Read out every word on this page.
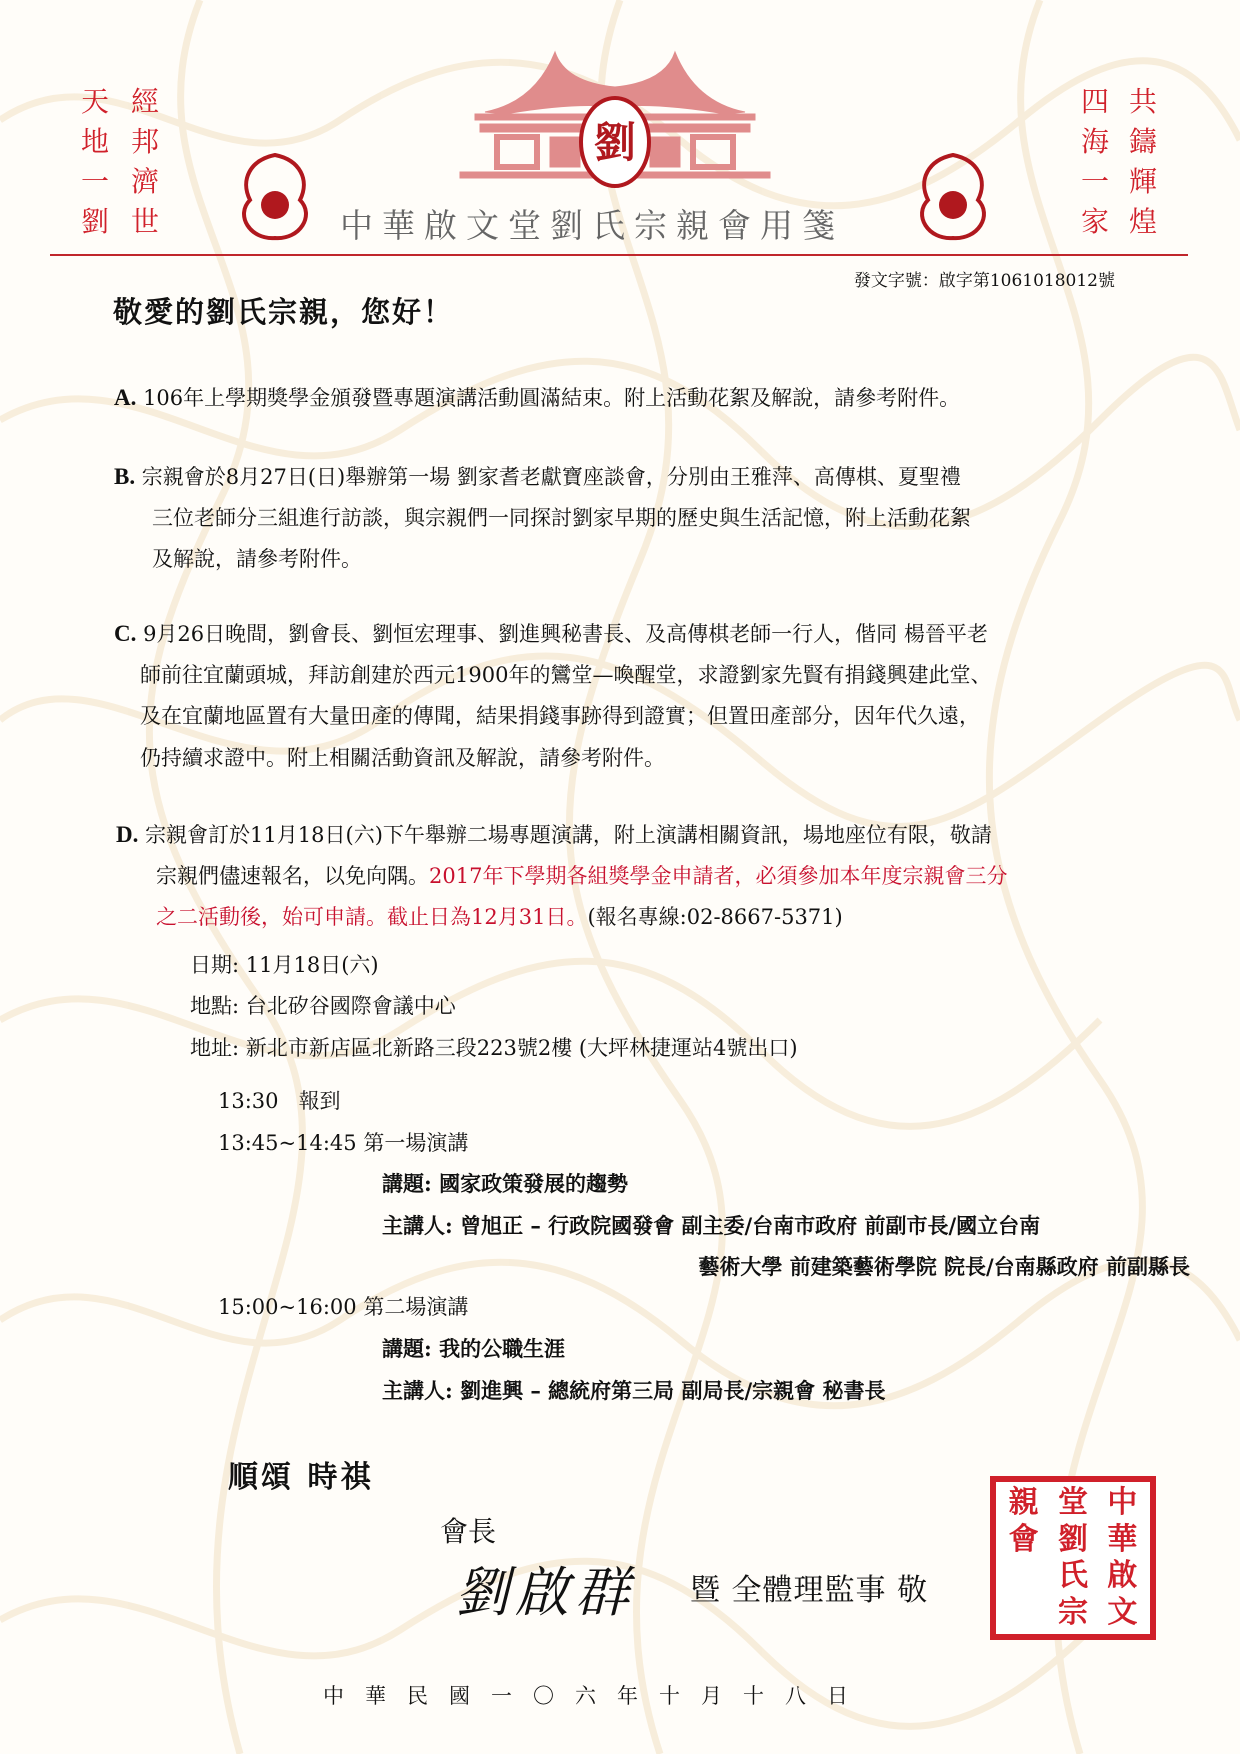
天地一劉
經邦濟世
四海一家
共鑄輝煌
劉
中華啟文堂劉氏宗親會用箋
發文字號：啟字第1061018012號
敬愛的劉氏宗親，您好！
A. 106年上學期獎學金頒發暨專題演講活動圓滿結束。附上活動花絮及解說，請參考附件。
B. 宗親會於8月27日(日)舉辦第一場 劉家耆老獻寶座談會，分別由王雅萍、高傳棋、夏聖禮
三位老師分三組進行訪談，與宗親們一同探討劉家早期的歷史與生活記憶，附上活動花絮
及解說，請參考附件。
C. 9月26日晚間，劉會長、劉恒宏理事、劉進興秘書長、及高傳棋老師一行人，偕同 楊晉平老
師前往宜蘭頭城，拜訪創建於西元1900年的鸞堂—喚醒堂，求證劉家先賢有捐錢興建此堂、
及在宜蘭地區置有大量田產的傳聞，結果捐錢事跡得到證實；但置田產部分，因年代久遠，
仍持續求證中。附上相關活動資訊及解說，請參考附件。
D. 宗親會訂於11月18日(六)下午舉辦二場專題演講，附上演講相關資訊，場地座位有限，敬請
宗親們儘速報名，以免向隅。2017年下學期各組獎學金申請者，必須參加本年度宗親會三分
之二活動後，始可申請。截止日為12月31日。(報名專線:02-8667-5371)
日期: 11月18日(六)
地點: 台北矽谷國際會議中心
地址: 新北市新店區北新路三段223號2樓 (大坪林捷運站4號出口)
13:30 報到
13:45~14:45 第一場演講
講題: 國家政策發展的趨勢
主講人: 曾旭正 – 行政院國發會 副主委/台南市政府 前副市長/國立台南
藝術大學 前建築藝術學院 院長/台南縣政府 前副縣長
15:00~16:00 第二場演講
講題: 我的公職生涯
主講人: 劉進興 – 總統府第三局 副局長/宗親會 秘書長
順頌 時祺
會長
劉啟群 暨 全體理監事 敬
中
華
啟
文
堂
劉
氏
宗
親
會
中華民國一〇六年十月十八日
